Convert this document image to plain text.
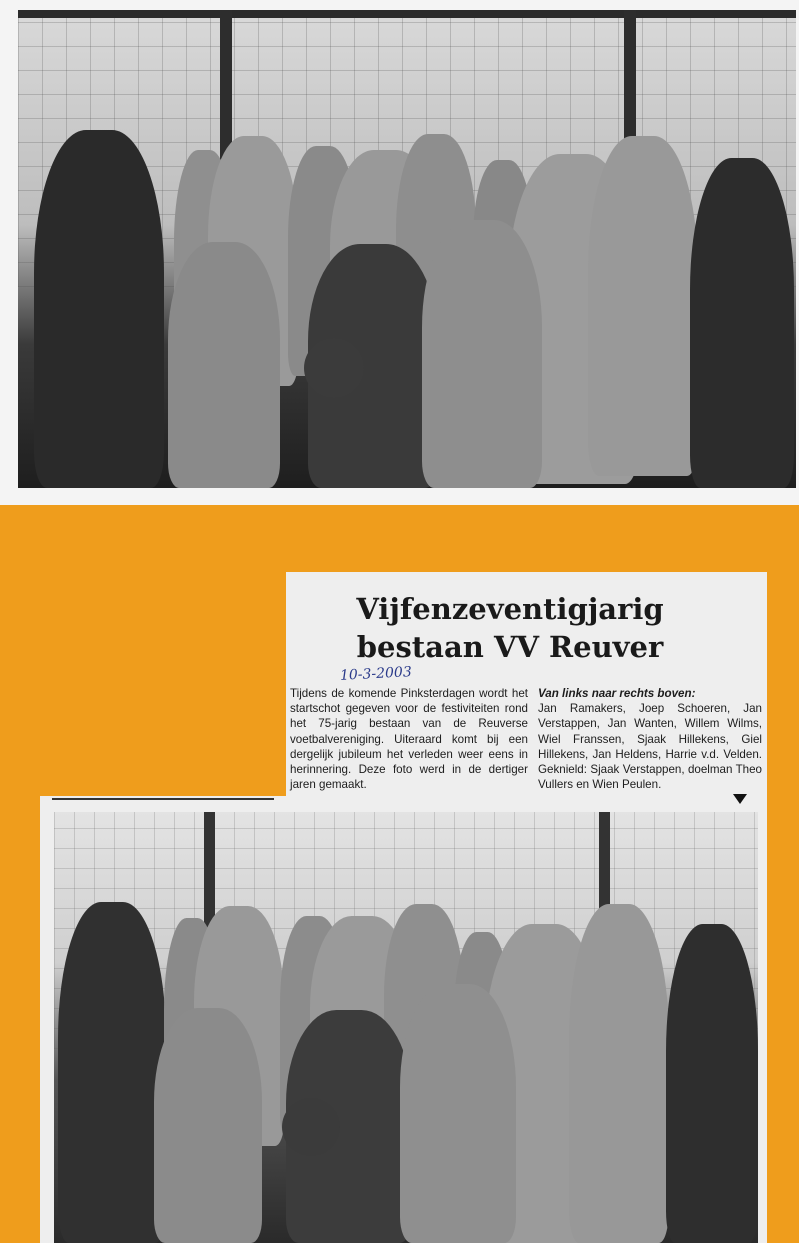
Vijfenzeventigjarig
bestaan VV Reuver
10-3-2003
Tijdens de komende Pinksterdagen wordt het startschot gegeven voor de festiviteiten rond het 75-jarig bestaan van de Reuverse voetbalvereniging. Uiteraard komt bij een dergelijk jubileum het verleden weer eens in herinnering. Deze foto werd in de dertiger jaren gemaakt.
Van links naar rechts boven:
Jan Ramakers, Joep Schoeren, Jan Verstappen, Jan Wanten, Willem Wilms, Wiel Franssen, Sjaak Hillekens, Giel Hillekens, Jan Heldens, Harrie v.d. Velden. Geknield: Sjaak Verstappen, doelman Theo Vullers en Wien Peulen.
